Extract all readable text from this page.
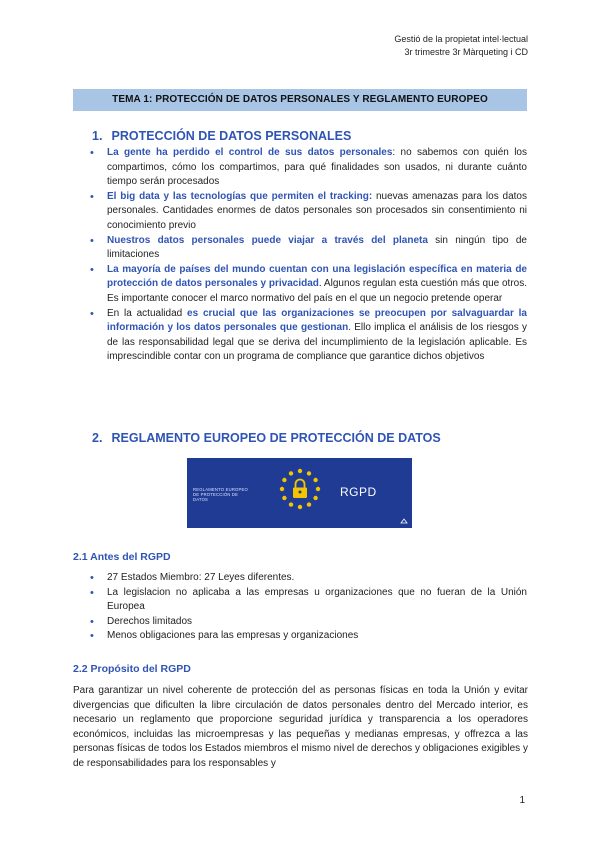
Gestió de la propietat intel·lectual
3r trimestre 3r Màrqueting i CD
TEMA 1: PROTECCIÓN DE DATOS PERSONALES Y REGLAMENTO EUROPEO
1. PROTECCIÓN DE DATOS PERSONALES
• La gente ha perdido el control de sus datos personales: no sabemos con quién los compartimos, cómo los compartimos, para qué finalidades son usados, ni durante cuánto tiempo serán procesados
• El big data y las tecnologías que permiten el tracking: nuevas amenazas para los datos personales. Cantidades enormes de datos personales son procesados sin consentimiento ni conocimiento previo
• Nuestros datos personales puede viajar a través del planeta sin ningún tipo de limitaciones
• La mayoría de países del mundo cuentan con una legislación específica en materia de protección de datos personales y privacidad. Algunos regulan esta cuestión más que otros. Es importante conocer el marco normativo del país en el que un negocio pretende operar
• En la actualidad es crucial que las organizaciones se preocupen por salvaguardar la información y los datos personales que gestionan. Ello implica el análisis de los riesgos y de las responsabilidad legal que se deriva del incumplimiento de la legislación aplicable. Es imprescindible contar con un programa de compliance que garantice dichos objetivos
2. REGLAMENTO EUROPEO DE PROTECCIÓN DE DATOS
REGLAMENTO EUROPEO
DE PROTECCIÓN DE DATOS
RGPD
2.1 Antes del RGPD
• 27 Estados Miembro: 27 Leyes diferentes.
• La legislacion no aplicaba a las empresas u organizaciones que no fueran de la Unión Europea
• Derechos limitados
• Menos obligaciones para las empresas y organizaciones
2.2 Propósito del RGPD
Para garantizar un nivel coherente de protección del as personas físicas en toda la Unión y evitar divergencias que dificulten la libre circulación de datos personales dentro del Mercado interior, es necesario un reglamento que proporcione seguridad jurídica y transparencia a los operadores económicos, incluidas las microempresas y las pequeñas y medianas empresas, y offrezca a las personas físicas de todos los Estados miembros el mismo nivel de derechos y obligaciones exigibles y de responsabilidades para los responsables y
1
